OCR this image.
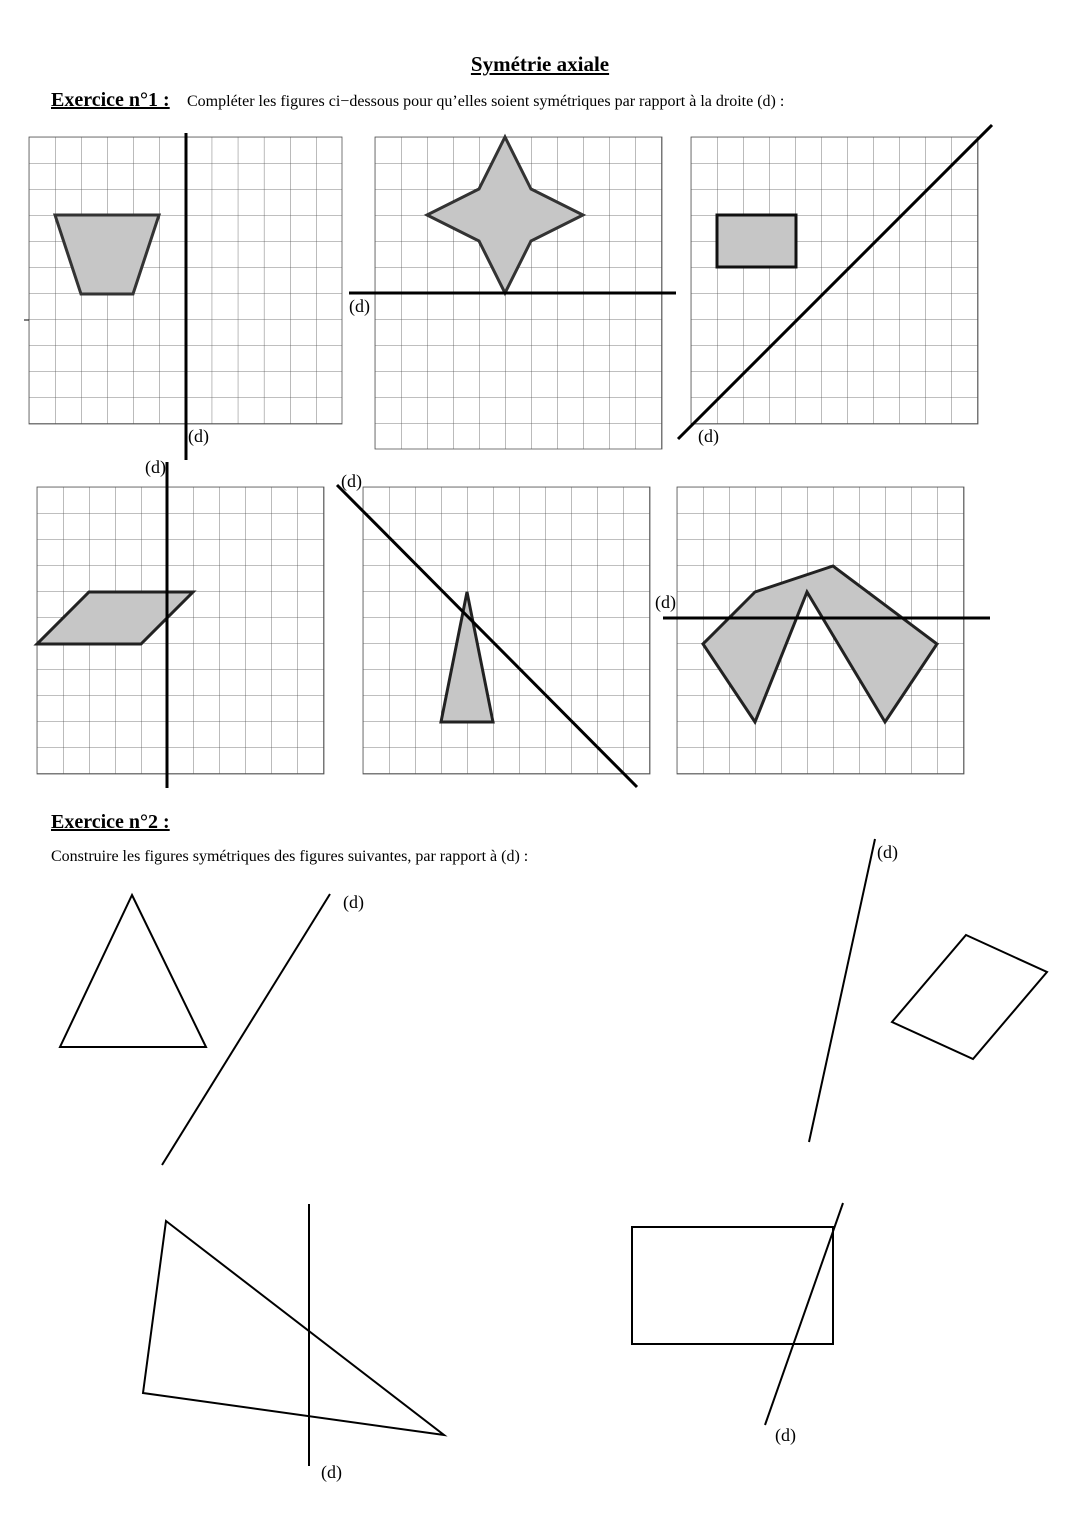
Symétrie axiale
Exercice n°1 : Compléter les figures ci−dessous pour qu’elles soient symétriques par rapport à la droite (d) :
Exercice n°2 :
Construire les figures symétriques des figures suivantes, par rapport à (d) :
(d)
(d)
(d)
(d)
(d)
(d)
(d)
(d)
(d)
(d)
